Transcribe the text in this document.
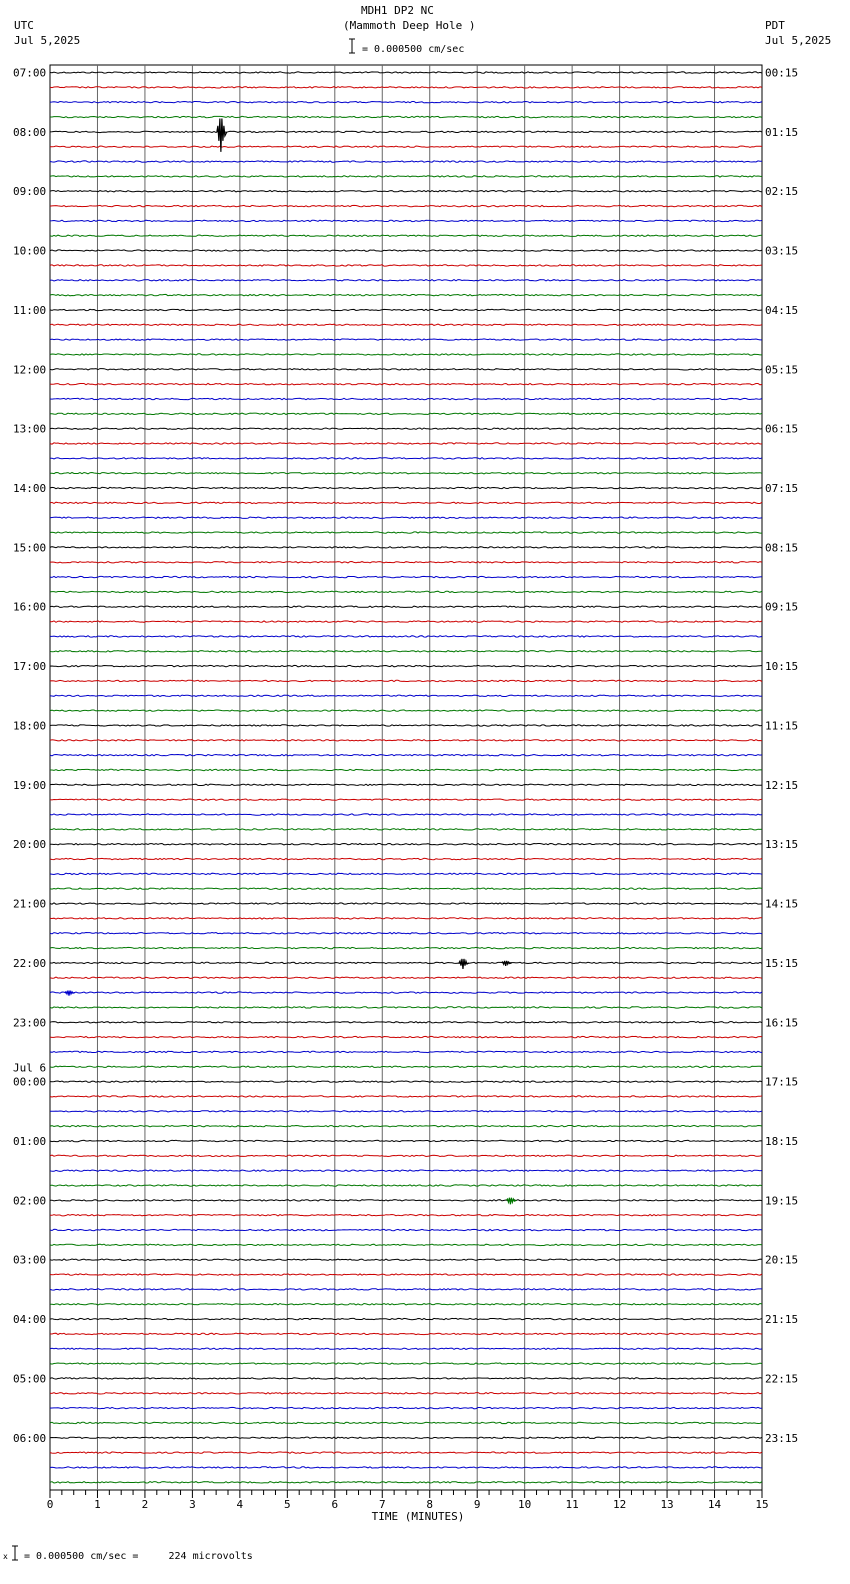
MDH1 DP2 NC
(Mammoth Deep Hole )
= 0.000500 cm/sec
UTC
Jul 5,2025
PDT
Jul 5,2025
x = 0.000500 cm/sec =     224 microvolts
07:00
08:00
09:00
10:00
11:00
12:00
13:00
14:00
15:00
16:00
17:00
18:00
19:00
20:00
21:00
22:00
23:00
00:00
Jul 6
01:00
02:00
03:00
04:00
05:00
06:00
00:15
01:15
02:15
03:15
04:15
05:15
06:15
07:15
08:15
09:15
10:15
11:15
12:15
13:15
14:15
15:15
16:15
17:15
18:15
19:15
20:15
21:15
22:15
23:15
0	1	2	3	4	5	6	7	8	9	10	11	12	13	14	15
TIME (MINUTES)
